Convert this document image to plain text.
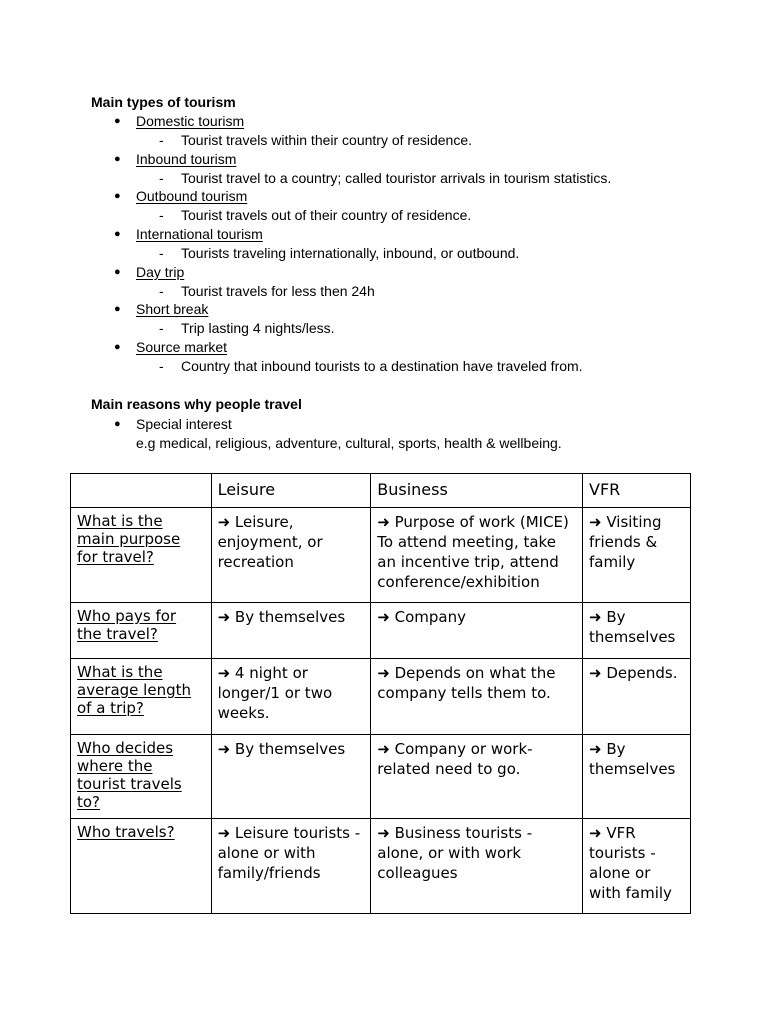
Main types of tourism
● Domestic tourism
- Tourist travels within their country of residence.
● Inbound tourism
- Tourist travel to a country; called touristor arrivals in tourism statistics.
● Outbound tourism
- Tourist travels out of their country of residence.
● International tourism
- Tourists traveling internationally, inbound, or outbound.
● Day trip
- Tourist travels for less then 24h
● Short break
- Trip lasting 4 nights/less.
● Source market
- Country that inbound tourists to a destination have traveled from.
Main reasons why people travel
● Special interest
e.g medical, religious, adventure, cultural, sports, health & wellbeing.
	Leisure	Business	VFR
What is the main purpose for travel?	➜ Leisure, enjoyment, or recreation	➜ Purpose of work (MICE) To attend meeting, take an incentive trip, attend conference/exhibition	➜ Visiting friends & family
Who pays for the travel?	➜ By themselves	➜ Company	➜ By themselves
What is the average length of a trip?	➜ 4 night or longer/1 or two weeks.	➜ Depends on what the company tells them to.	➜ Depends.
Who decides where the tourist travels to?	➜ By themselves	➜ Company or work-related need to go.	➜ By themselves
Who travels?	➜ Leisure tourists - alone or with family/friends	➜ Business tourists - alone, or with work colleagues	➜ VFR tourists - alone or with family
